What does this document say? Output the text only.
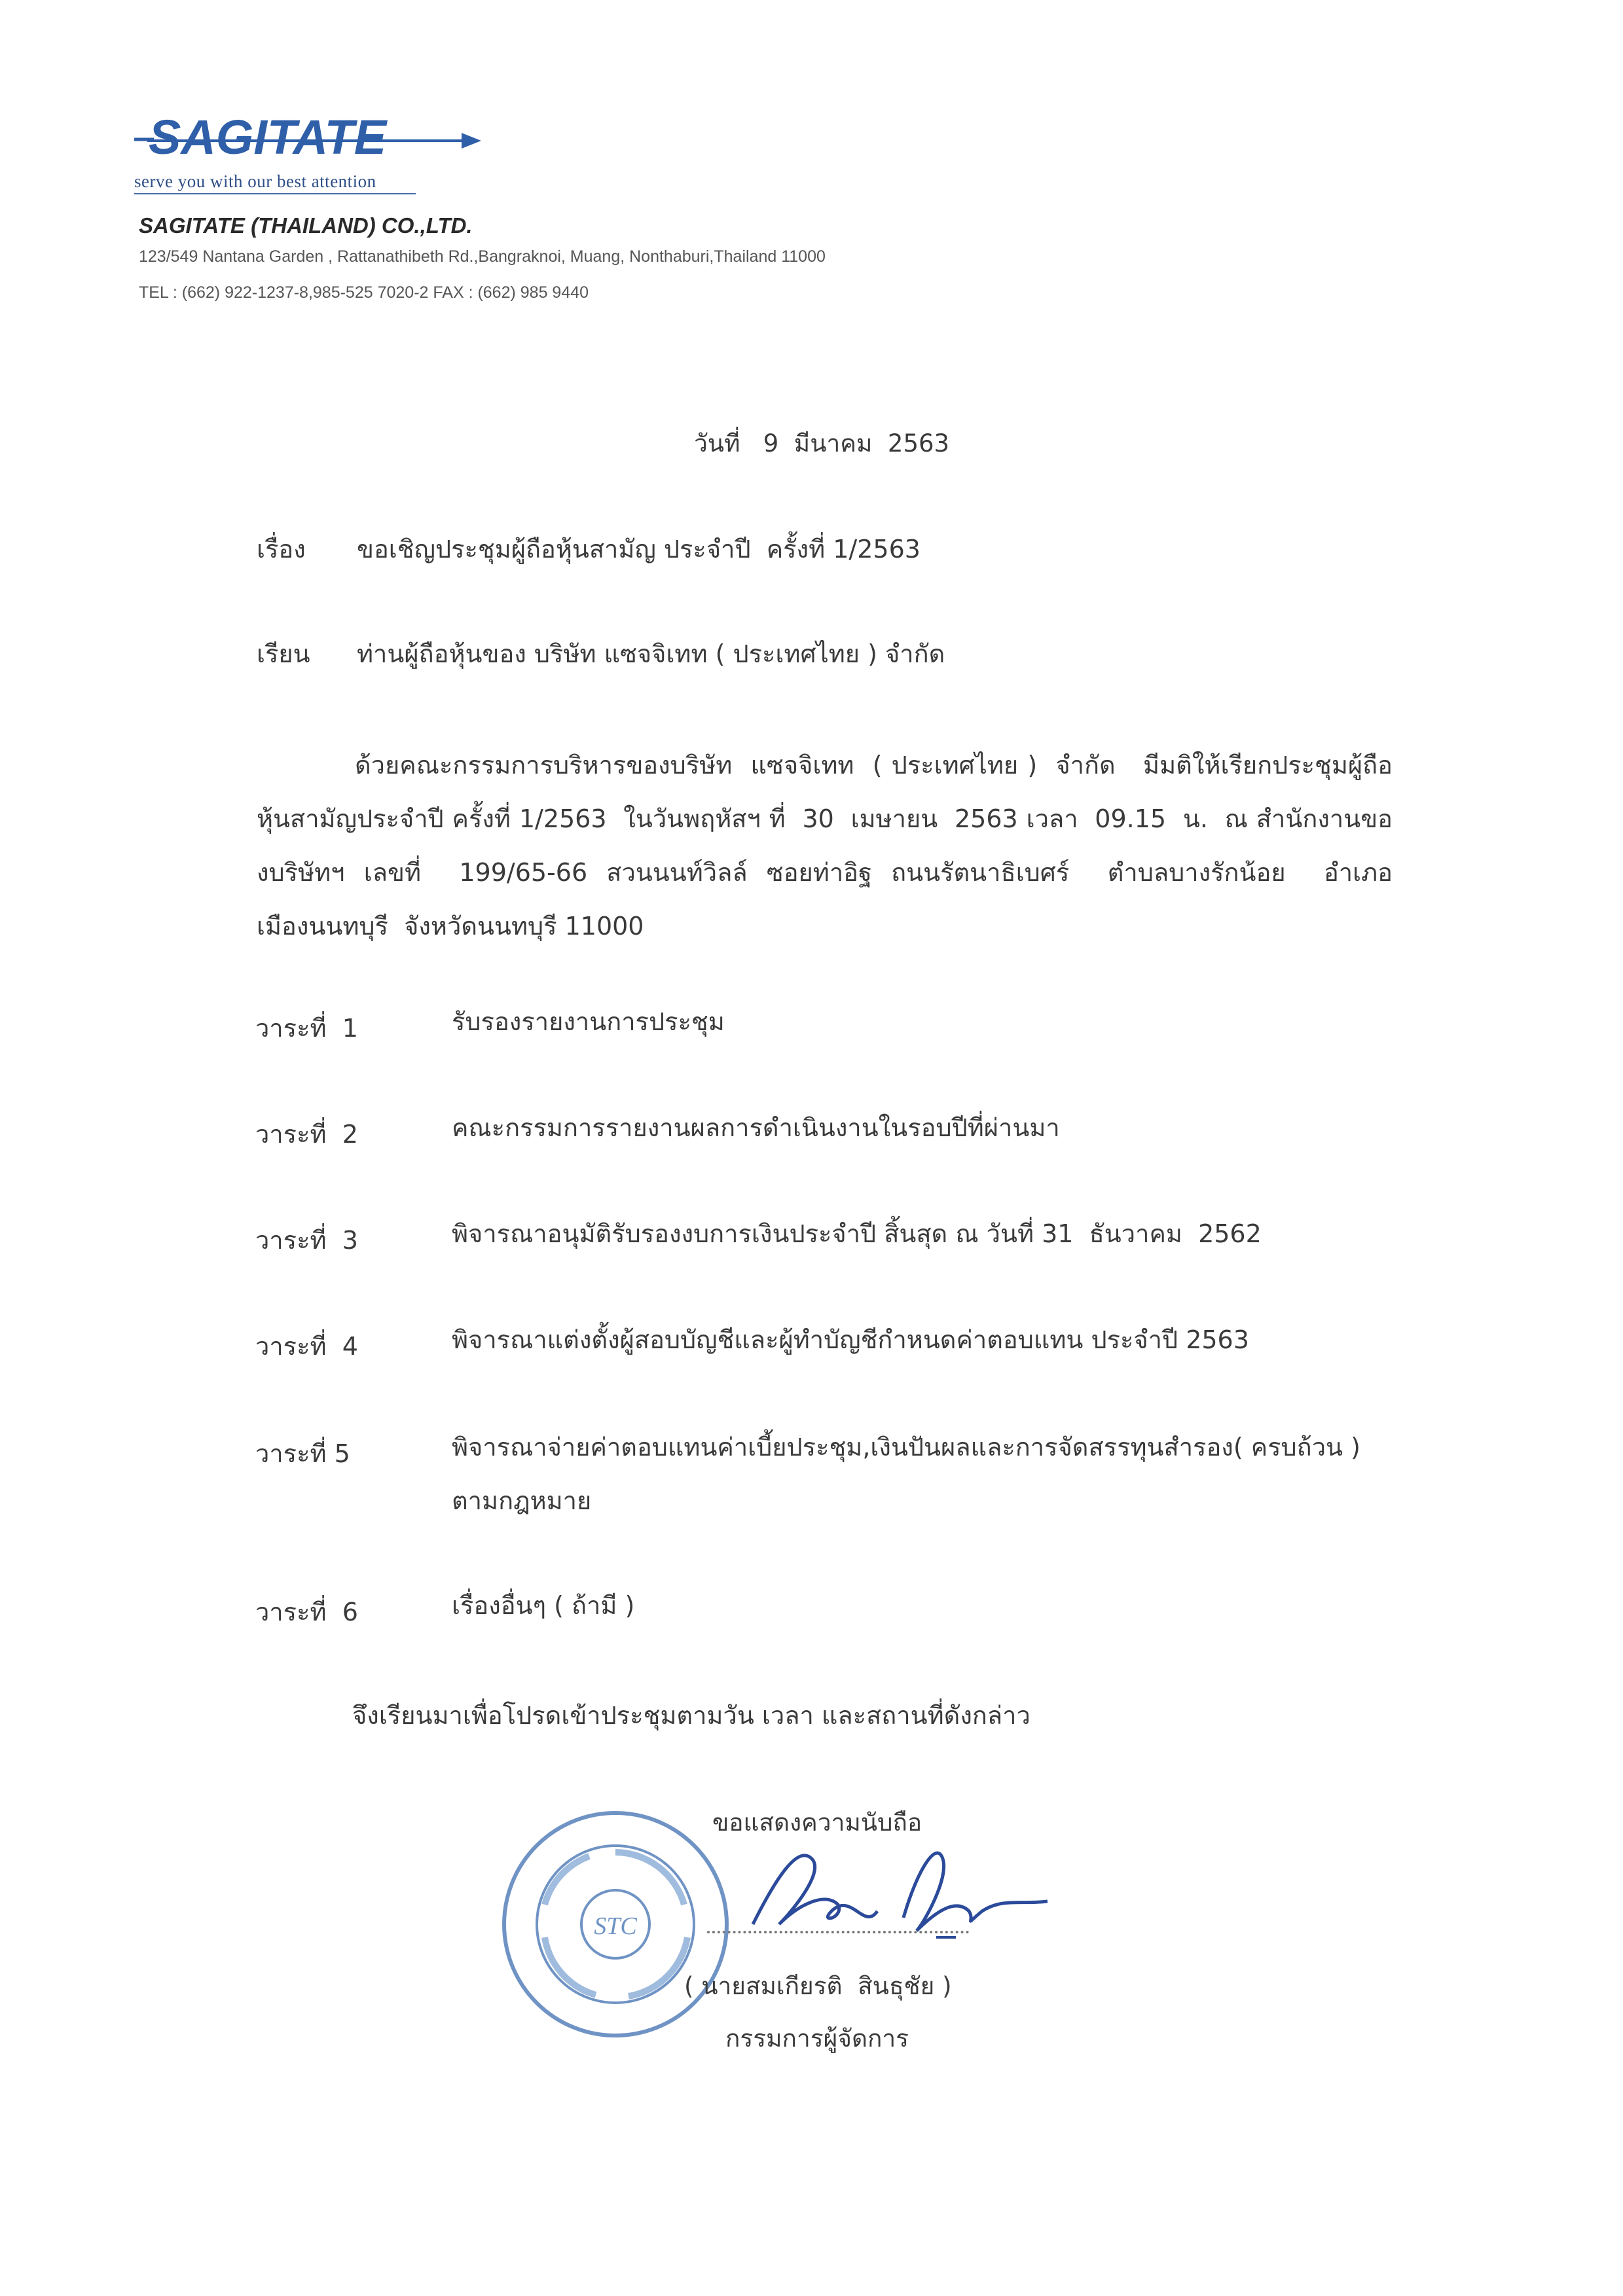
SAGITATE
serve you with our best attention
SAGITATE (THAILAND) CO.,LTD.
123/549 Nantana Garden , Rattanathibeth Rd.,Bangraknoi, Muang, Nonthaburi,Thailand 11000
TEL : (662) 922-1237-8,985-525 7020-2 FAX : (662) 985 9440
วันที่   9  มีนาคม  2563
เรื่อง ขอเชิญประชุมผู้ถือหุ้นสามัญ ประจำปี  ครั้งที่ 1/2563
เรียน ท่านผู้ถือหุ้นของ บริษัท แซจจิเทท ( ประเทศไทย ) จำกัด

ด้วยคณะกรรมการบริหารของบริษัท  แซจจิเทท  ( ประเทศไทย )  จำกัด   มีมติให้เรียกประชุมผู้ถือหุ้นสามัญประจำปี ครั้งที่ 1/2563  ในวันพฤหัสฯ ที่  30  เมษายน  2563 เวลา  09.15  น.  ณ สำนักงานของบริษัทฯ เลขที่  199/65-66 สวนนนท์วิลล์ ซอยท่าอิฐ ถนนรัตนาธิเบศร์  ตำบลบางรักน้อย  อำเภอเมืองนนทบุรี  จังหวัดนนทบุรี 11000

วาระที่  1	รับรองรายงานการประชุม
วาระที่  2	คณะกรรมการรายงานผลการดำเนินงานในรอบปีที่ผ่านมา
วาระที่  3	พิจารณาอนุมัติรับรองงบการเงินประจำปี สิ้นสุด ณ วันที่ 31  ธันวาคม  2562
วาระที่  4	พิจารณาแต่งตั้งผู้สอบบัญชีและผู้ทำบัญชีกำหนดค่าตอบแทน ประจำปี 2563
วาระที่ 5	พิจารณาจ่ายค่าตอบแทนค่าเบี้ยประชุม,เงินปันผลและการจัดสรรทุนสำรอง( ครบถ้วน )
ตามกฎหมาย
วาระที่  6	เรื่องอื่นๆ ( ถ้ามี )
จึงเรียนมาเพื่อโปรดเข้าประชุมตามวัน เวลา และสถานที่ดังกล่าว
STC
ขอแสดงความนับถือ
( นายสมเกียรติ  สินธุชัย )
กรรมการผู้จัดการ
